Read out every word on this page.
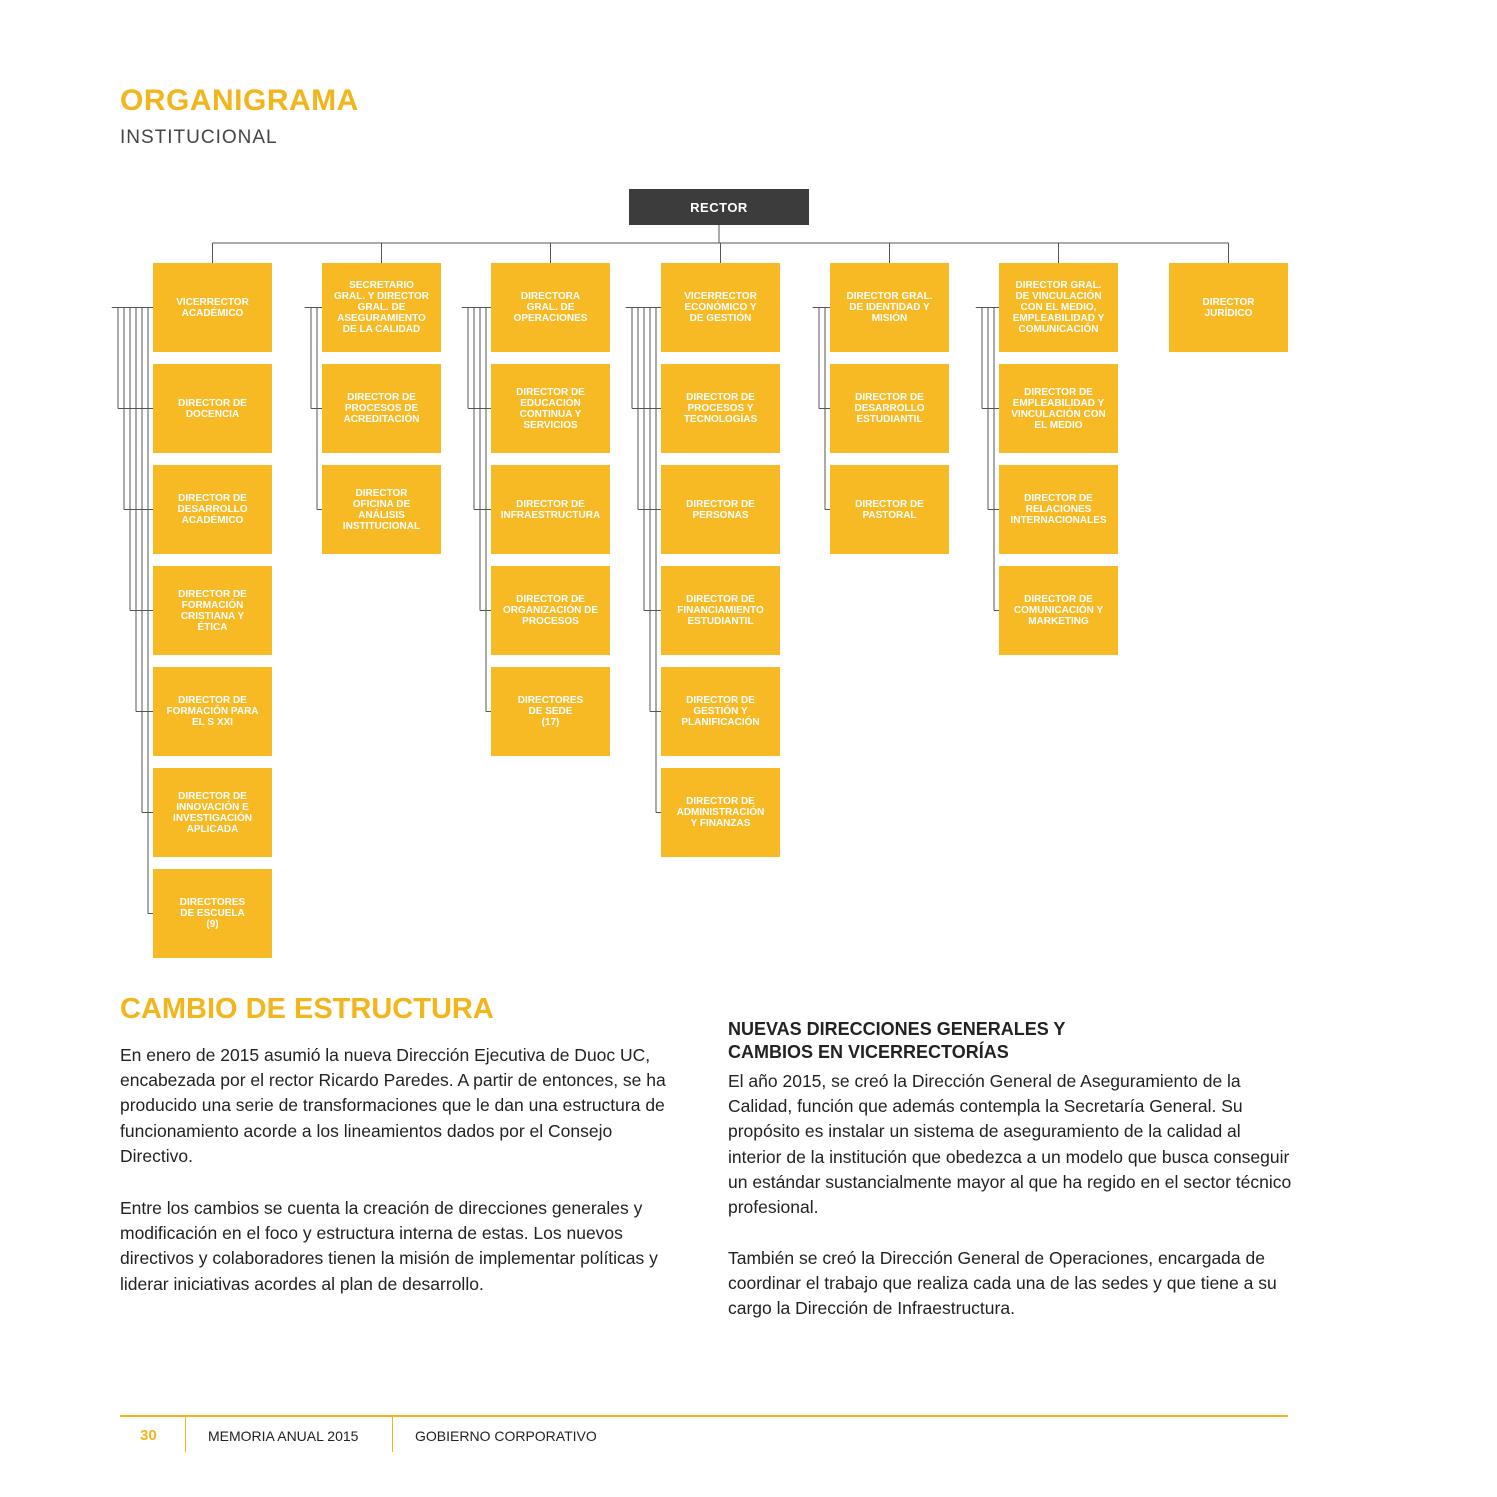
ORGANIGRAMA
INSTITUCIONAL
RECTOR
VICERRECTOR
ACADÉMICO
DIRECTOR DE
DOCENCIA
DIRECTOR DE
DESARROLLO
ACADÉMICO
DIRECTOR DE
FORMACIÓN
CRISTIANA Y
ÉTICA
DIRECTOR DE
FORMACIÓN PARA
EL S XXI
DIRECTOR DE
INNOVACIÓN E
INVESTIGACIÓN
APLICADA
DIRECTORES
DE ESCUELA
(9)
SECRETARIO
GRAL. Y DIRECTOR
GRAL. DE
ASEGURAMIENTO
DE LA CALIDAD
DIRECTOR DE
PROCESOS DE
ACREDITACIÓN
DIRECTOR
OFICINA DE
ANÁLISIS
INSTITUCIONAL
DIRECTORA
GRAL. DE
OPERACIONES
DIRECTOR DE
EDUCACIÓN
CONTINUA Y
SERVICIOS
DIRECTOR DE
INFRAESTRUCTURA
DIRECTOR DE
ORGANIZACIÓN DE
PROCESOS
DIRECTORES
DE SEDE
(17)
VICERRECTOR
ECONÓMICO Y
DE GESTIÓN
DIRECTOR DE
PROCESOS Y
TECNOLOGÍAS
DIRECTOR DE
PERSONAS
DIRECTOR DE
FINANCIAMIENTO
ESTUDIANTIL
DIRECTOR DE
GESTIÓN Y
PLANIFICACIÓN
DIRECTOR DE
ADMINISTRACIÓN
Y FINANZAS
DIRECTOR GRAL.
DE IDENTIDAD Y
MISIÓN
DIRECTOR DE
DESARROLLO
ESTUDIANTIL
DIRECTOR DE
PASTORAL
DIRECTOR GRAL.
DE VINCULACIÓN
CON EL MEDIO,
EMPLEABILIDAD Y
COMUNICACIÓN
DIRECTOR DE
EMPLEABILIDAD Y
VINCULACIÓN CON
EL MEDIO
DIRECTOR DE
RELACIONES
INTERNACIONALES
DIRECTOR DE
COMUNICACIÓN Y
MARKETING
DIRECTOR
JURÍDICO
CAMBIO DE ESTRUCTURA

En enero de 2015 asumió la nueva Dirección Ejecutiva de Duoc UC, encabezada por el rector Ricardo Paredes. A partir de entonces, se ha producido una serie de transformaciones que le dan una estructura de funcionamiento acorde a los lineamientos dados por el Consejo Directivo.

Entre los cambios se cuenta la creación de direcciones generales y modificación en el foco y estructura interna de estas. Los nuevos directivos y colaboradores tienen la misión de implementar políticas y liderar iniciativas acordes al plan de desarrollo.

NUEVAS DIRECCIONES GENERALES Y
CAMBIOS EN VICERRECTORÍAS

El año 2015, se creó la Dirección General de Aseguramiento de la Calidad, función que además contempla la Secretaría General. Su propósito es instalar un sistema de aseguramiento de la calidad al interior de la institución que obedezca a un modelo que busca conseguir un estándar sustancialmente mayor al que ha regido en el sector técnico profesional.

También se creó la Dirección General de Operaciones, encargada de coordinar el trabajo que realiza cada una de las sedes y que tiene a su cargo la Dirección de Infraestructura.

30	MEMORIA ANUAL 2015	GOBIERNO CORPORATIVO
